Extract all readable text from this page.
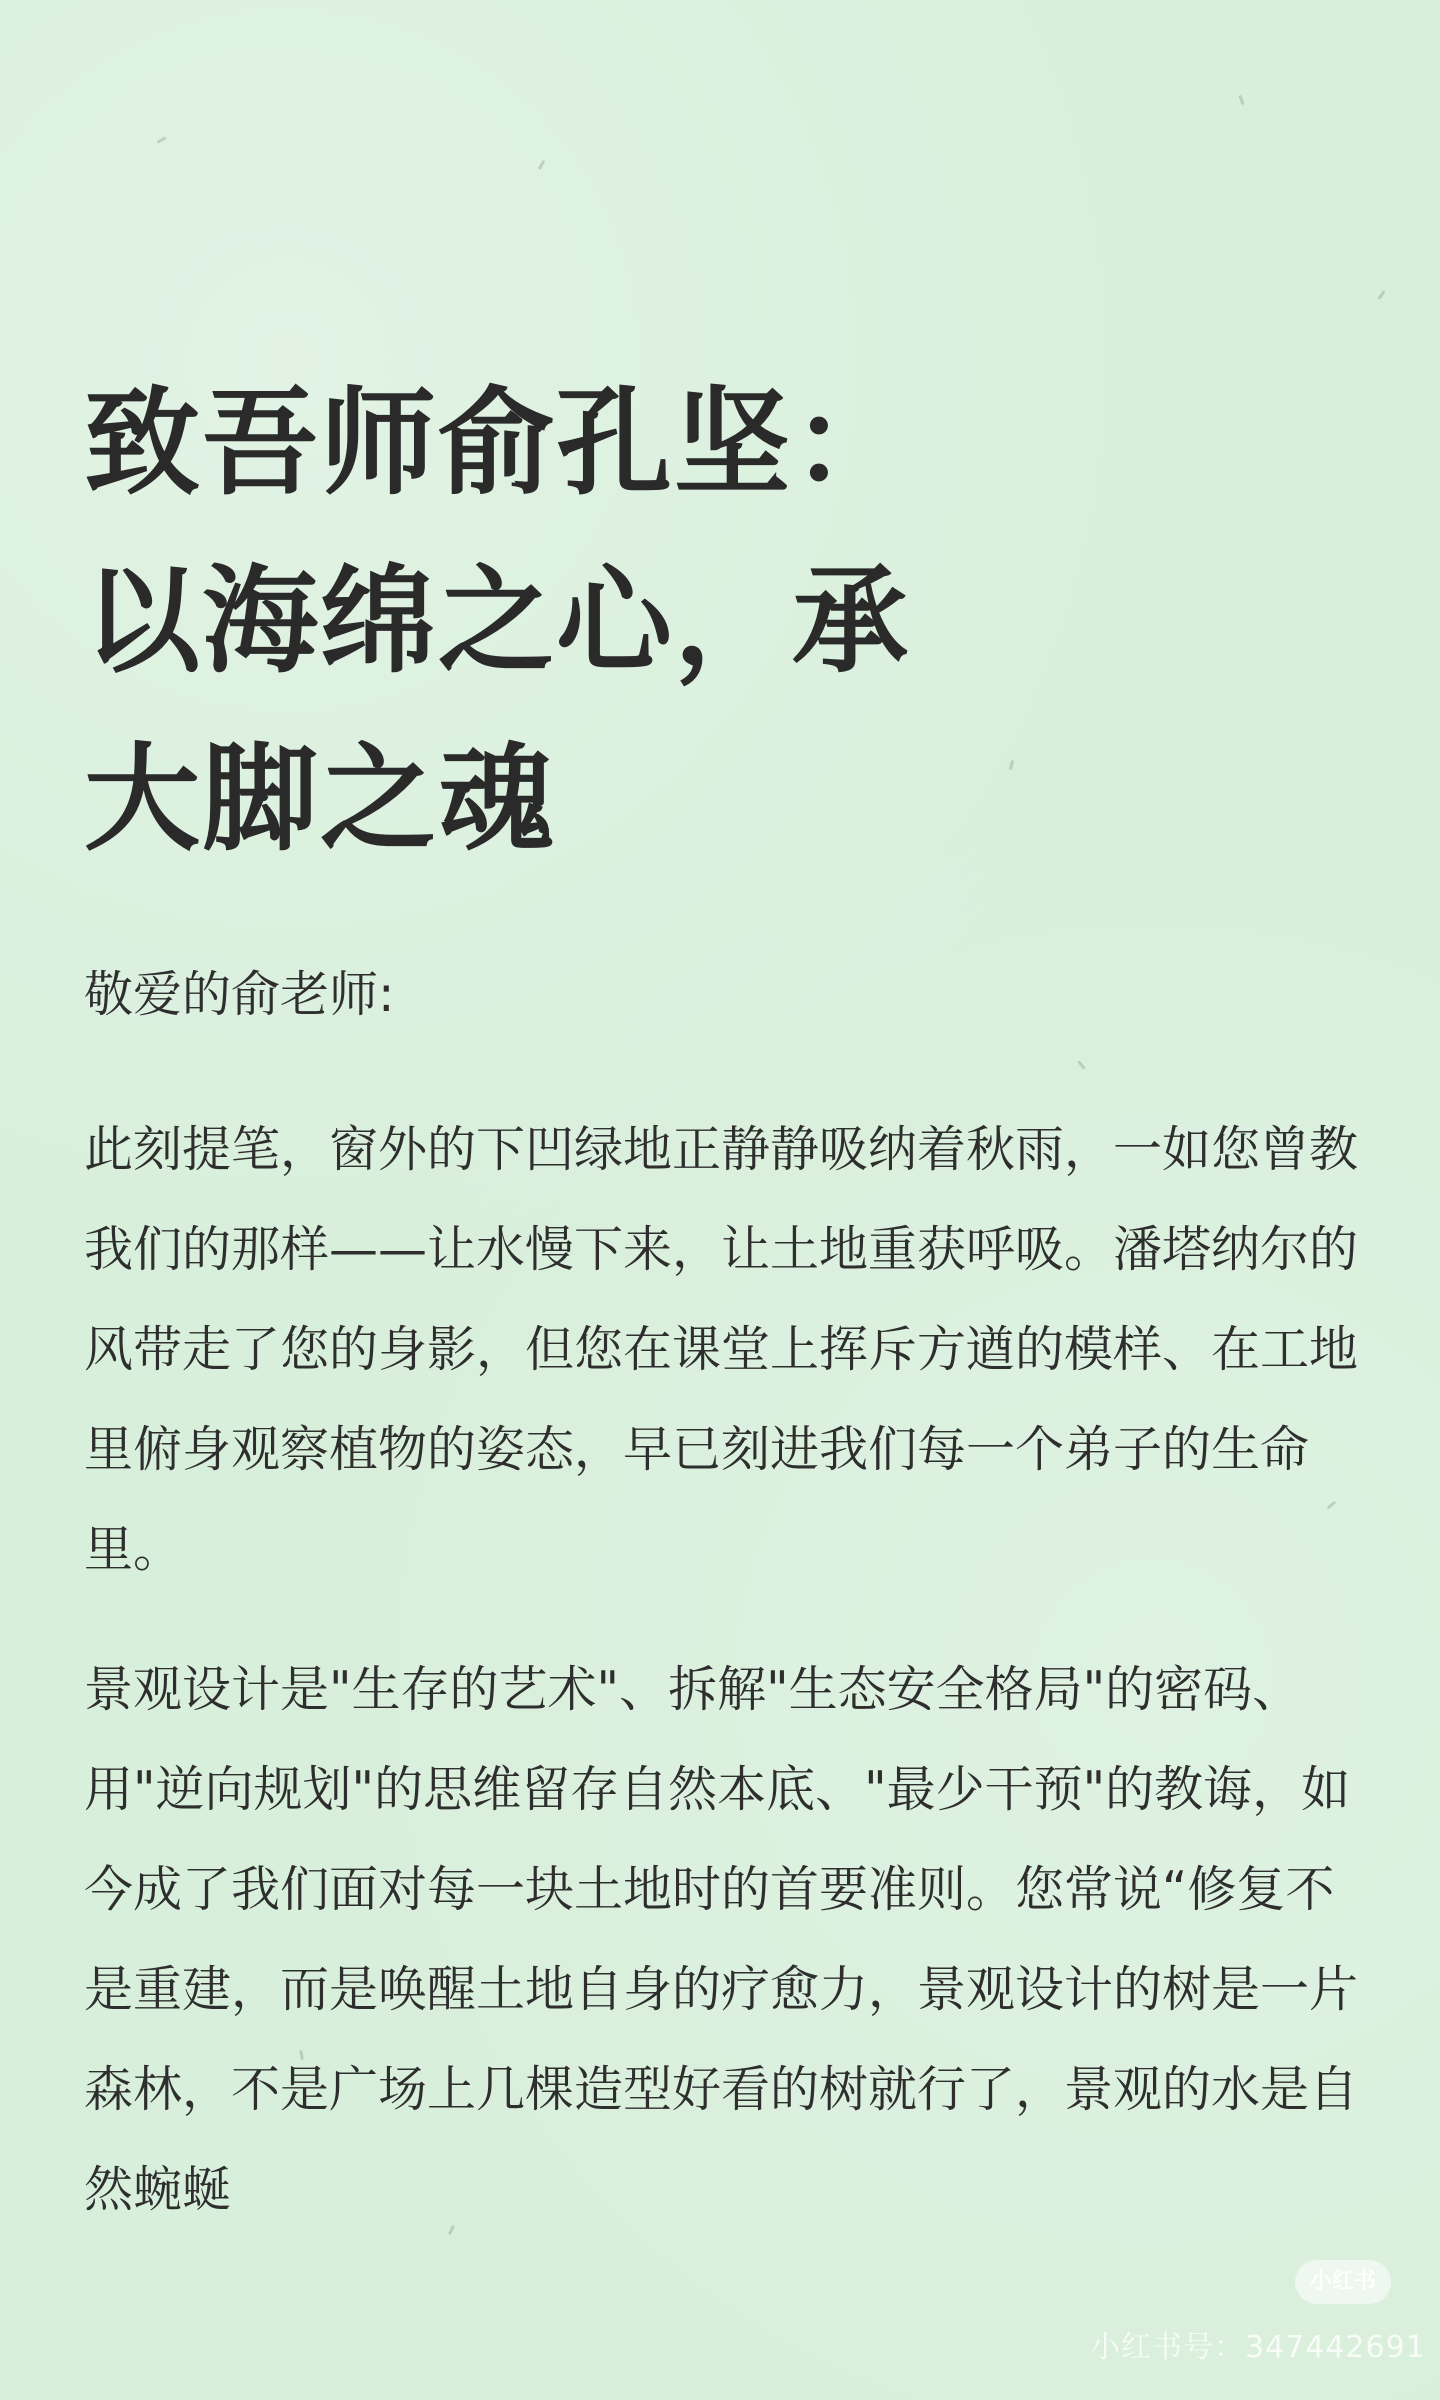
致吾师俞孔坚：
以海绵之心，承
大脚之魂

敬爱的俞老师:

此刻提笔，窗外的下凹绿地正静静吸纳着秋雨，一如您曾教我们的那样——让水慢下来，让土地重获呼吸。潘塔纳尔的风带走了您的身影，但您在课堂上挥斥方遒的模样、在工地里俯身观察植物的姿态，早已刻进我们每一个弟子的生命里。

景观设计是"生存的艺术"、拆解"生态安全格局"的密码、用"逆向规划"的思维留存自然本底、"最少干预"的教诲，如今成了我们面对每一块土地时的首要准则。您常说“修复不是重建，而是唤醒土地自身的疗愈力，景观设计的树是一片森林，不是广场上几棵造型好看的树就行了，景观的水是自然蜿蜒

小红书
小红书号：347442691
